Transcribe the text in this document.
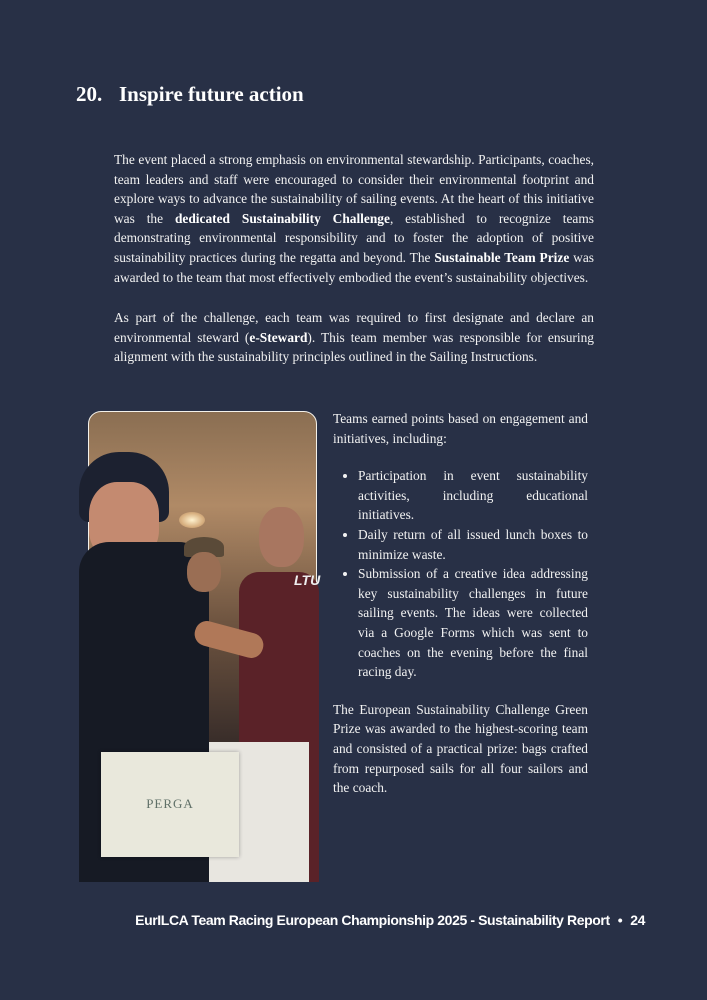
20. Inspire future action

The event placed a strong emphasis on environmental stewardship. Participants, coaches, team leaders and staff were encouraged to consider their environmental footprint and explore ways to advance the sustainability of sailing events. At the heart of this initiative was the dedicated Sustainability Challenge, established to recognize teams demonstrating environmental responsibility and to foster the adoption of positive sustainability practices during the regatta and beyond. The Sustainable Team Prize was awarded to the team that most effectively embodied the event’s sustainability objectives.

As part of the challenge, each team was required to first designate and declare an environmental steward (e-Steward). This team member was responsible for ensuring alignment with the sustainability principles outlined in the Sailing Instructions.

LTU
PERGA

Teams earned points based on engagement and initiatives, including:

• Participation in event sustainability activities, including educational initiatives.
• Daily return of all issued lunch boxes to minimize waste.
• Submission of a creative idea addressing key sustainability challenges in future sailing events. The ideas were collected via a Google Forms which was sent to coaches on the evening before the final racing day.

The European Sustainability Challenge Green Prize was awarded to the highest-scoring team and consisted of a practical prize: bags crafted from repurposed sails for all four sailors and the coach.

EurILCA Team Racing European Championship 2025 - Sustainability Report • 24
